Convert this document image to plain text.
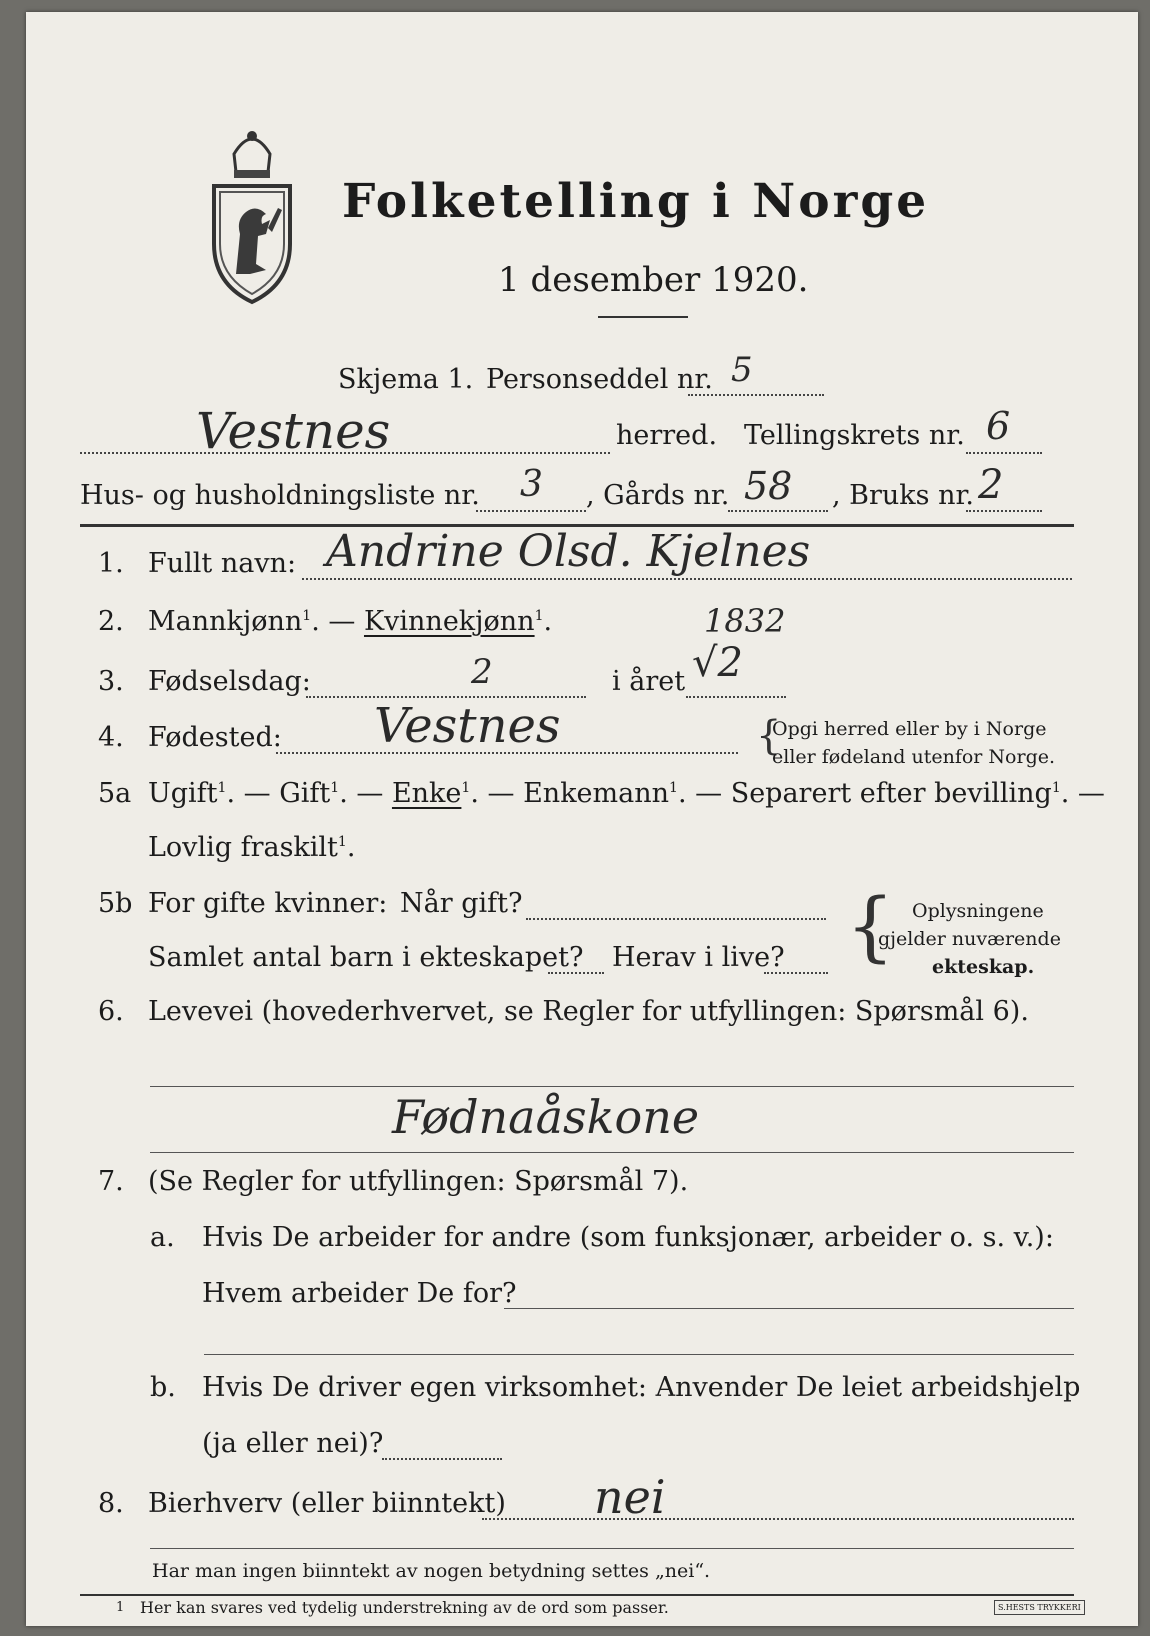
Folketelling i Norge
1 desember 1920.
Skjema 1. Personseddel nr. 5
Vestnes	herred. Tellingskrets nr. 6
Hus- og husholdningsliste nr. 3 , Gårds nr. 58 , Bruks nr. 2
1. Fullt navn: Andrine Olsd. Kjelnes
2. Mannkjønn$^1$. — Kvinnekjønn$^1$.
3. Fødselsdag:	2	i året
1832
√2
4. Fødested: Vestnes	{
Opgi herred eller by i Norge
eller fødeland utenfor Norge.
5a Ugift$^1$. — Gift$^1$. — Enke$^1$. — Enkemann$^1$. — Separert efter bevilling$^1$. —
Lovlig fraskilt$^1$.
5b For gifte kvinner: Når gift?
Samlet antal barn i ekteskapet? Herav i live? { Oplysningene
gjelder nuværende
ekteskap.
6. Levevei (hovederhvervet, se Regler for utfyllingen: Spørsmål 6).
Fødnaåskone
7. (Se Regler for utfyllingen: Spørsmål 7).
a. Hvis De arbeider for andre (som funksjonær, arbeider o. s. v.):
Hvem arbeider De for?
b. Hvis De driver egen virksomhet: Anvender De leiet arbeidshjelp
(ja eller nei)?
8. Bierhverv (eller biinntekt) nei
Har man ingen biinntekt av nogen betydning settes „nei“.
1 Her kan svares ved tydelig understrekning av de ord som passer.	S.HESTS TRYKKERI
